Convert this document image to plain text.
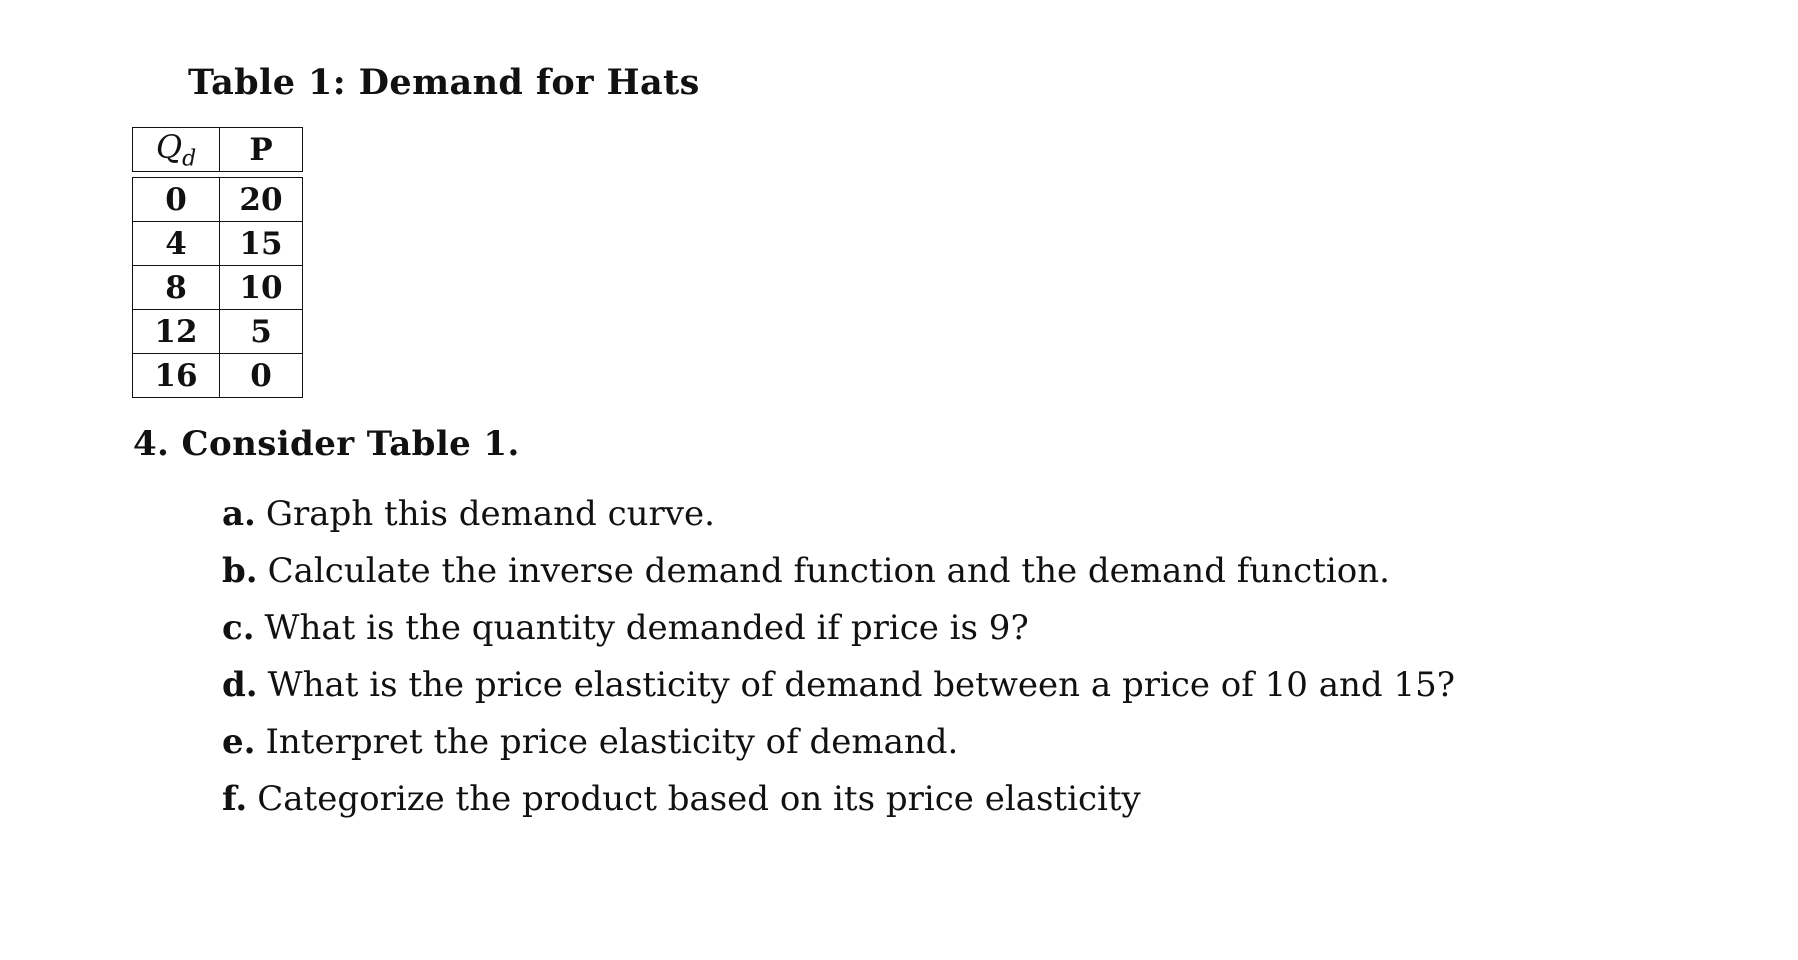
Table 1: Demand for Hats
$Q_d$	P

0	20
4	15
8	10
12	5
16	0
4. Consider Table 1.
a. Graph this demand curve.
b. Calculate the inverse demand function and the demand function.
c. What is the quantity demanded if price is 9?
d. What is the price elasticity of demand between a price of 10 and 15?
e. Interpret the price elasticity of demand.
f. Categorize the product based on its price elasticity
